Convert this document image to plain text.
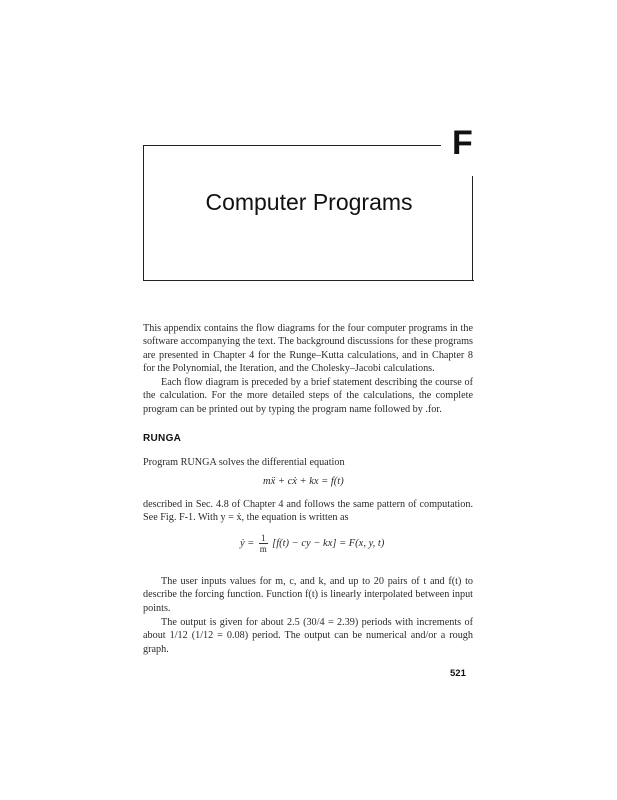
F
Computer Programs

This appendix contains the flow diagrams for the four computer programs in the software accompanying the text. The background discussions for these programs are presented in Chapter 4 for the Runge–Kutta calculations, and in Chapter 8 for the Polynomial, the Iteration, and the Cholesky–Jacobi calculations.

Each flow diagram is preceded by a brief statement describing the course of the calculation. For the more detailed steps of the calculations, the complete program can be printed out by typing the program name followed by .for.

RUNGA

Program RUNGA solves the differential equation

mẍ + cẋ + kx = f(t)

described in Sec. 4.8 of Chapter 4 and follows the same pattern of computation. See Fig. F-1. With y = ẋ, the equation is written as

ẏ = $\frac{1}{m} [f(t)$ − cy − kx] = F(x, y, t)

The user inputs values for m, c, and k, and up to 20 pairs of t and f(t) to describe the forcing function. Function f(t) is linearly interpolated between input points.

The output is given for about 2.5 (30/4 = 2.39) periods with increments of about 1/12 (1/12 = 0.08) period. The output can be numerical and/or a rough graph.

521
